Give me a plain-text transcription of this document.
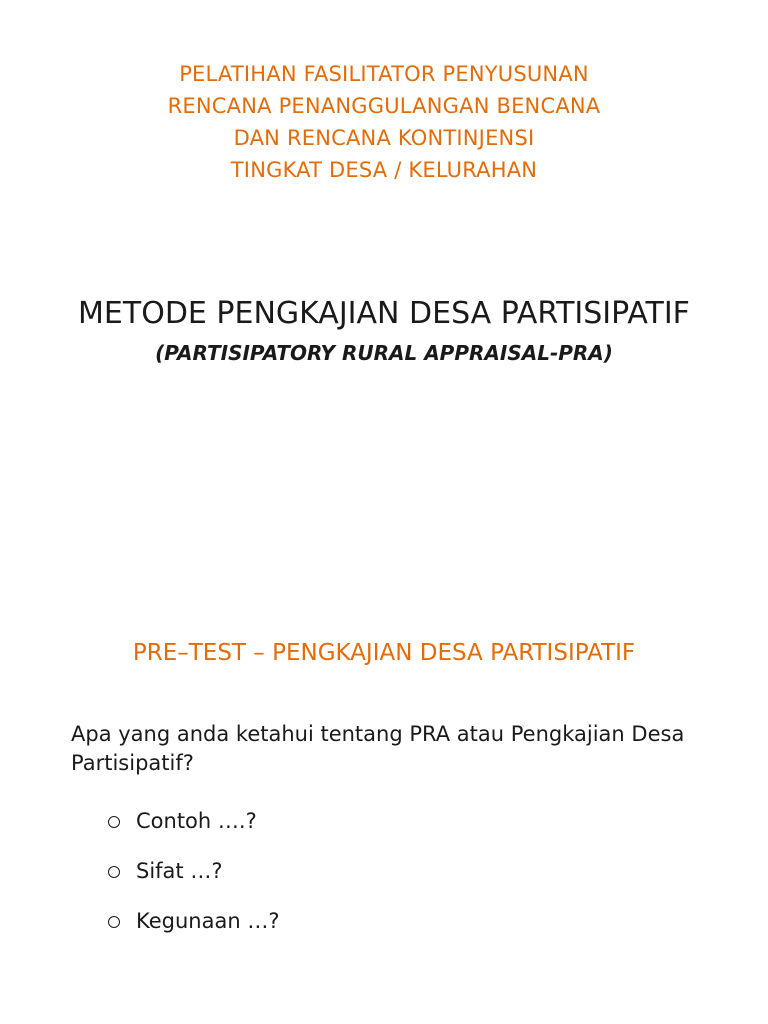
PELATIHAN FASILITATOR PENYUSUNAN
RENCANA PENANGGULANGAN BENCANA
DAN RENCANA KONTINJENSI
TINGKAT DESA / KELURAHAN
METODE PENGKAJIAN DESA PARTISIPATIF
(PARTISIPATORY RURAL APPRAISAL-PRA)
PRE–TEST – PENGKAJIAN DESA PARTISIPATIF
Apa yang anda ketahui tentang PRA atau Pengkajian Desa Partisipatif?
Contoh ….?
Sifat …?
Kegunaan …?
